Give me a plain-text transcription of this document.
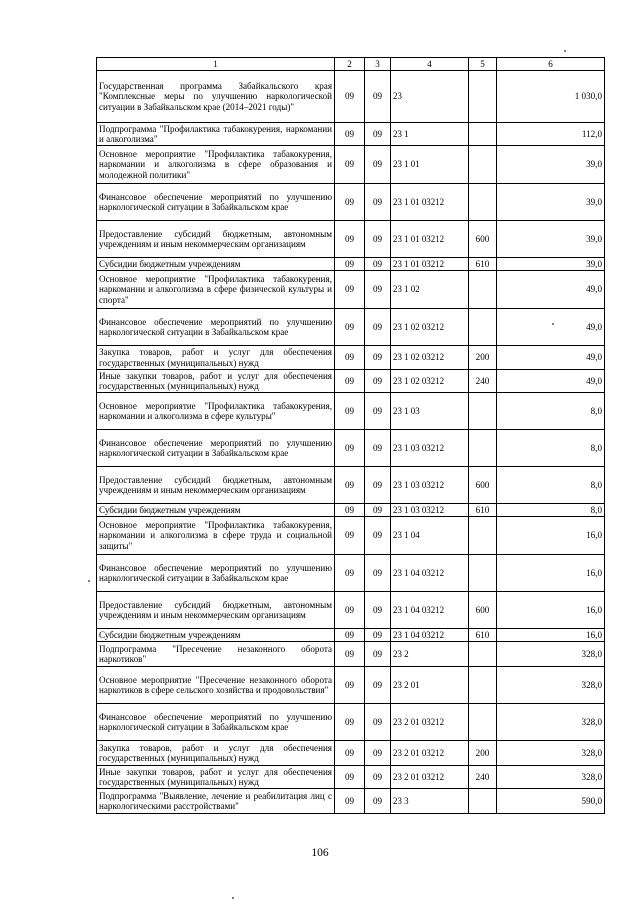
1	2	3	4	5	6
Государственная программа Забайкальского края "Комплексные меры по улучшению наркологической ситуации в Забайкальском крае (2014–2021 годы)"	09	09	23		1 030,0
Подпрограмма "Профилактика табакокурения, наркомании и алкоголизма"	09	09	23 1		112,0
Основное мероприятие "Профилактика табакокурения, наркомании и алкоголизма в сфере образования и молодежной политики"	09	09	23 1 01		39,0
Финансовое обеспечение мероприятий по улучшению наркологической ситуации в Забайкальском крае	09	09	23 1 01 03212		39,0
Предоставление субсидий бюджетным, автономным учреждениям и иным некоммерческим организациям	09	09	23 1 01 03212	600	39,0
Субсидии бюджетным учреждениям	09	09	23 1 01 03212	610	39,0
Основное мероприятие "Профилактика табакокурения, наркомании и алкоголизма в сфере физической культуры и спорта"	09	09	23 1 02		49,0
Финансовое обеспечение мероприятий по улучшению наркологической ситуации в Забайкальском крае	09	09	23 1 02 03212		49,0
Закупка товаров, работ и услуг для обеспечения государственных (муниципальных) нужд	09	09	23 1 02 03212	200	49,0
Иные закупки товаров, работ и услуг для обеспечения государственных (муниципальных) нужд	09	09	23 1 02 03212	240	49,0
Основное мероприятие "Профилактика табакокурения, наркомании и алкоголизма в сфере культуры"	09	09	23 1 03		8,0
Финансовое обеспечение мероприятий по улучшению наркологической ситуации в Забайкальском крае	09	09	23 1 03 03212		8,0
Предоставление субсидий бюджетным, автономным учреждениям и иным некоммерческим организациям	09	09	23 1 03 03212	600	8,0
Субсидии бюджетным учреждениям	09	09	23 1 03 03212	610	8,0
Основное мероприятие "Профилактика табакокурения, наркомании и алкоголизма в сфере труда и социальной защиты"	09	09	23 1 04		16,0
Финансовое обеспечение мероприятий по улучшению наркологической ситуации в Забайкальском крае	09	09	23 1 04 03212		16,0
Предоставление субсидий бюджетным, автономным учреждениям и иным некоммерческим организациям	09	09	23 1 04 03212	600	16,0
Субсидии бюджетным учреждениям	09	09	23 1 04 03212	610	16,0
Подпрограмма "Пресечение незаконного оборота наркотиков"	09	09	23 2		328,0
Основное мероприятие "Пресечение незаконного оборота наркотиков в сфере сельского хозяйства и продовольствия"	09	09	23 2 01		328,0
Финансовое обеспечение мероприятий по улучшению наркологической ситуации в Забайкальском крае	09	09	23 2 01 03212		328,0
Закупка товаров, работ и услуг для обеспечения государственных (муниципальных) нужд	09	09	23 2 01 03212	200	328,0
Иные закупки товаров, работ и услуг для обеспечения государственных (муниципальных) нужд	09	09	23 2 01 03212	240	328,0
Подпрограмма "Выявление, лечение и реабилитация лиц с наркологическими расстройствами"	09	09	23 3		590,0
106
